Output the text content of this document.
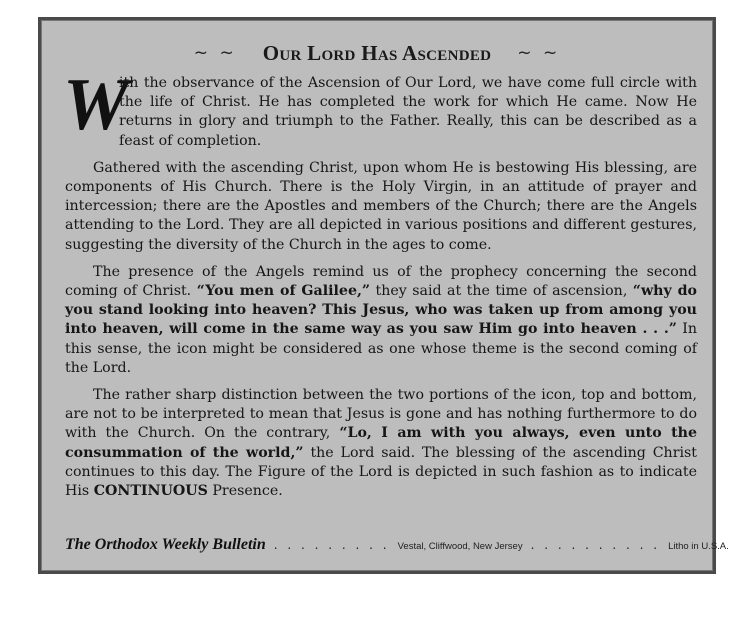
~ ~ Our Lord Has Ascended ~ ~

W
ith the observance of the Ascension of Our Lord, we have come full circle with the life of Christ. He has completed the work for which He came. Now He returns in glory and triumph to the Father. Really, this can be described as a feast of completion.

Gathered with the ascending Christ, upon whom He is bestowing His blessing, are components of His Church. There is the Holy Virgin, in an attitude of prayer and intercession; there are the Apostles and members of the Church; there are the Angels attending to the Lord. They are all depicted in various positions and different gestures, suggesting the diversity of the Church in the ages to come.

The presence of the Angels remind us of the prophecy concerning the second coming of Christ. “You men of Galilee,” they said at the time of ascension, “why do you stand looking into heaven? This Jesus, who was taken up from among you into heaven, will come in the same way as you saw Him go into heaven . . .” In this sense, the icon might be considered as one whose theme is the second coming of the Lord.

The rather sharp distinction between the two portions of the icon, top and bottom, are not to be interpreted to mean that Jesus is gone and has nothing furthermore to do with the Church. On the contrary, “Lo, I am with you always, even unto the consummation of the world,” the Lord said. The blessing of the ascending Christ continues to this day. The Figure of the Lord is depicted in such fashion as to indicate His CONTINUOUS Presence.

The Orthodox Weekly Bulletin . . . . . . . . . Vestal, Cliffwood, New Jersey . . . . . . . . . . Litho in U.S.A.
